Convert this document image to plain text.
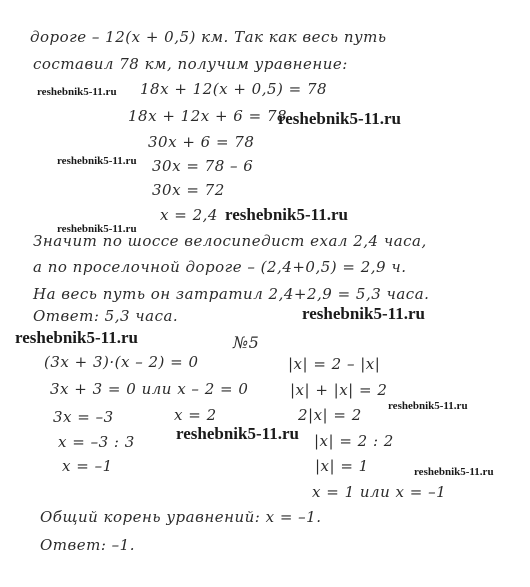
дороге – 12(x + 0,5) км. Так как весь путь
составил 78 км, получим уравнение:
18x + 12(x + 0,5) = 78
18x + 12x + 6 = 78
30x + 6 = 78
30x = 78 – 6
30x = 72
x = 2,4
Значит по шоссе велосипедист ехал 2,4 часа,
а по проселочной дороге – (2,4+0,5) = 2,9 ч.
На весь путь он затратил 2,4+2,9 = 5,3 часа.
Ответ: 5,3 часа.
№5
(3x + 3)·(x – 2) = 0
3x + 3 = 0 или x – 2 = 0
3x = –3	x = 2
x = –3 : 3
x = –1
|x| = 2 – |x|
|x| + |x| = 2
2|x| = 2
|x| = 2 : 2
|x| = 1
x = 1 или x = –1
Общий корень уравнений: x = –1.
Ответ: –1.
reshebnik5-11.ru
reshebnik5-11.ru
reshebnik5-11.ru
reshebnik5-11.ru
reshebnik5-11.ru
reshebnik5-11.ru
reshebnik5-11.ru
reshebnik5-11.ru
reshebnik5-11.ru
reshebnik5-11.ru
